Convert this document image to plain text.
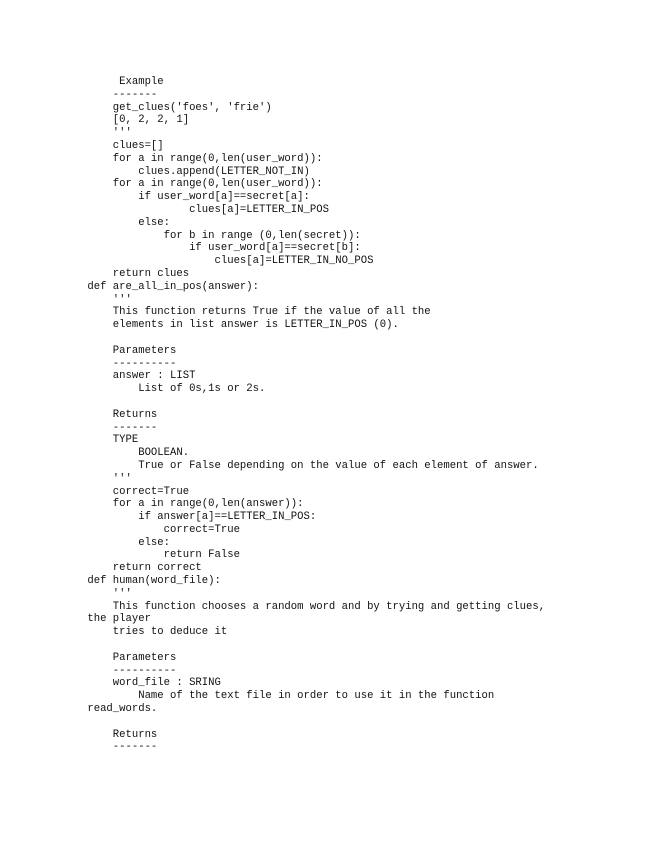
Example
-------
get_clues('foes', 'frie')
[0, 2, 2, 1]
'''
clues=[]
for a in range(0,len(user_word)):
clues.append(LETTER_NOT_IN)
for a in range(0,len(user_word)):
if user_word[a]==secret[a]:
clues[a]=LETTER_IN_POS
else:
for b in range (0,len(secret)):
if user_word[a]==secret[b]:
clues[a]=LETTER_IN_NO_POS
return clues
def are_all_in_pos(answer):
'''
This function returns True if the value of all the
elements in list answer is LETTER_IN_POS (0).
Parameters
----------
answer : LIST
List of 0s,1s or 2s.
Returns
-------
TYPE
BOOLEAN.
True or False depending on the value of each element of answer.
'''
correct=True
for a in range(0,len(answer)):
if answer[a]==LETTER_IN_POS:
correct=True
else:
return False
return correct
def human(word_file):
'''
This function chooses a random word and by trying and getting clues,
the player
tries to deduce it
Parameters
----------
word_file : SRING
Name of the text file in order to use it in the function
read_words.
Returns
-------
